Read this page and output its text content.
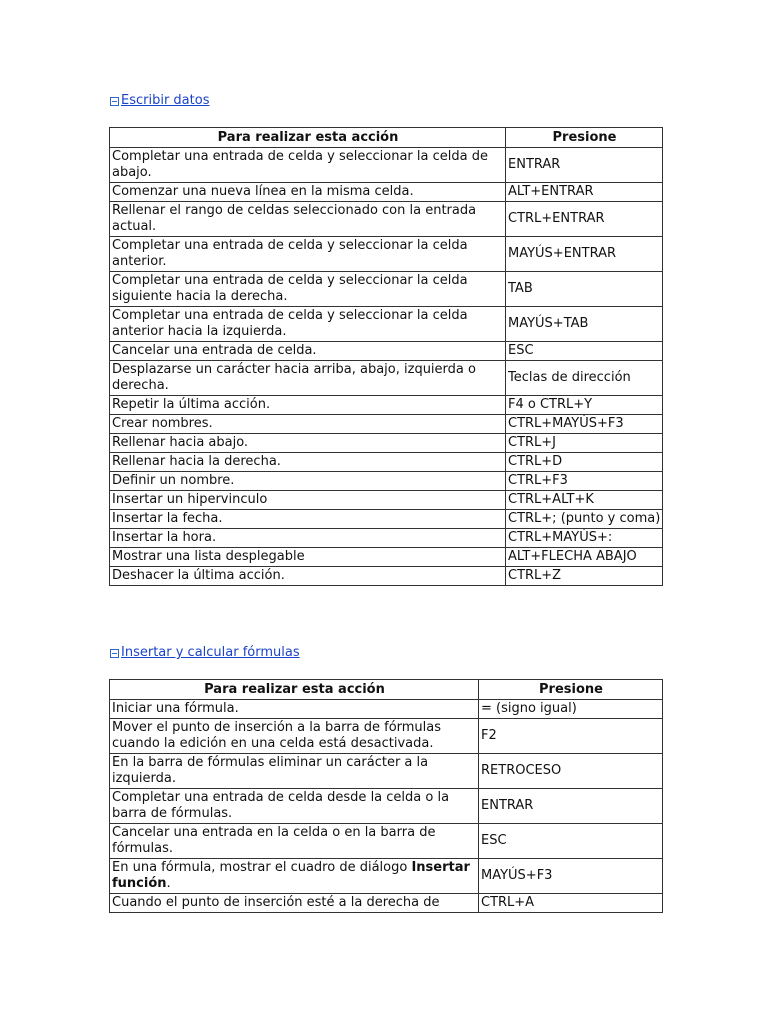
Escribir datos
Para realizar esta acción	Presione
Completar una entrada de celda y seleccionar la celda de abajo.	ENTRAR
Comenzar una nueva línea en la misma celda.	ALT+ENTRAR
Rellenar el rango de celdas seleccionado con la entrada actual.	CTRL+ENTRAR
Completar una entrada de celda y seleccionar la celda anterior.	MAYÚS+ENTRAR
Completar una entrada de celda y seleccionar la celda siguiente hacia la derecha.	TAB
Completar una entrada de celda y seleccionar la celda anterior hacia la izquierda.	MAYÚS+TAB
Cancelar una entrada de celda.	ESC
Desplazarse un carácter hacia arriba, abajo, izquierda o derecha.	Teclas de dirección
Repetir la última acción.	F4 o CTRL+Y
Crear nombres.	CTRL+MAYÚS+F3
Rellenar hacia abajo.	CTRL+J
Rellenar hacia la derecha.	CTRL+D
Definir un nombre.	CTRL+F3
Insertar un hipervinculo	CTRL+ALT+K
Insertar la fecha.	CTRL+; (punto y coma)
Insertar la hora.	CTRL+MAYÚS+:
Mostrar una lista desplegable	ALT+FLECHA ABAJO
Deshacer la última acción.	CTRL+Z
Insertar y calcular fórmulas
Para realizar esta acción	Presione
Iniciar una fórmula.	= (signo igual)
Mover el punto de inserción a la barra de fórmulas cuando la edición en una celda está desactivada.	F2
En la barra de fórmulas eliminar un carácter a la izquierda.	RETROCESO
Completar una entrada de celda desde la celda o la barra de fórmulas.	ENTRAR
Cancelar una entrada en la celda o en la barra de fórmulas.	ESC
En una fórmula, mostrar el cuadro de diálogo Insertar función.	MAYÚS+F3
Cuando el punto de inserción esté a la derecha de	CTRL+A
